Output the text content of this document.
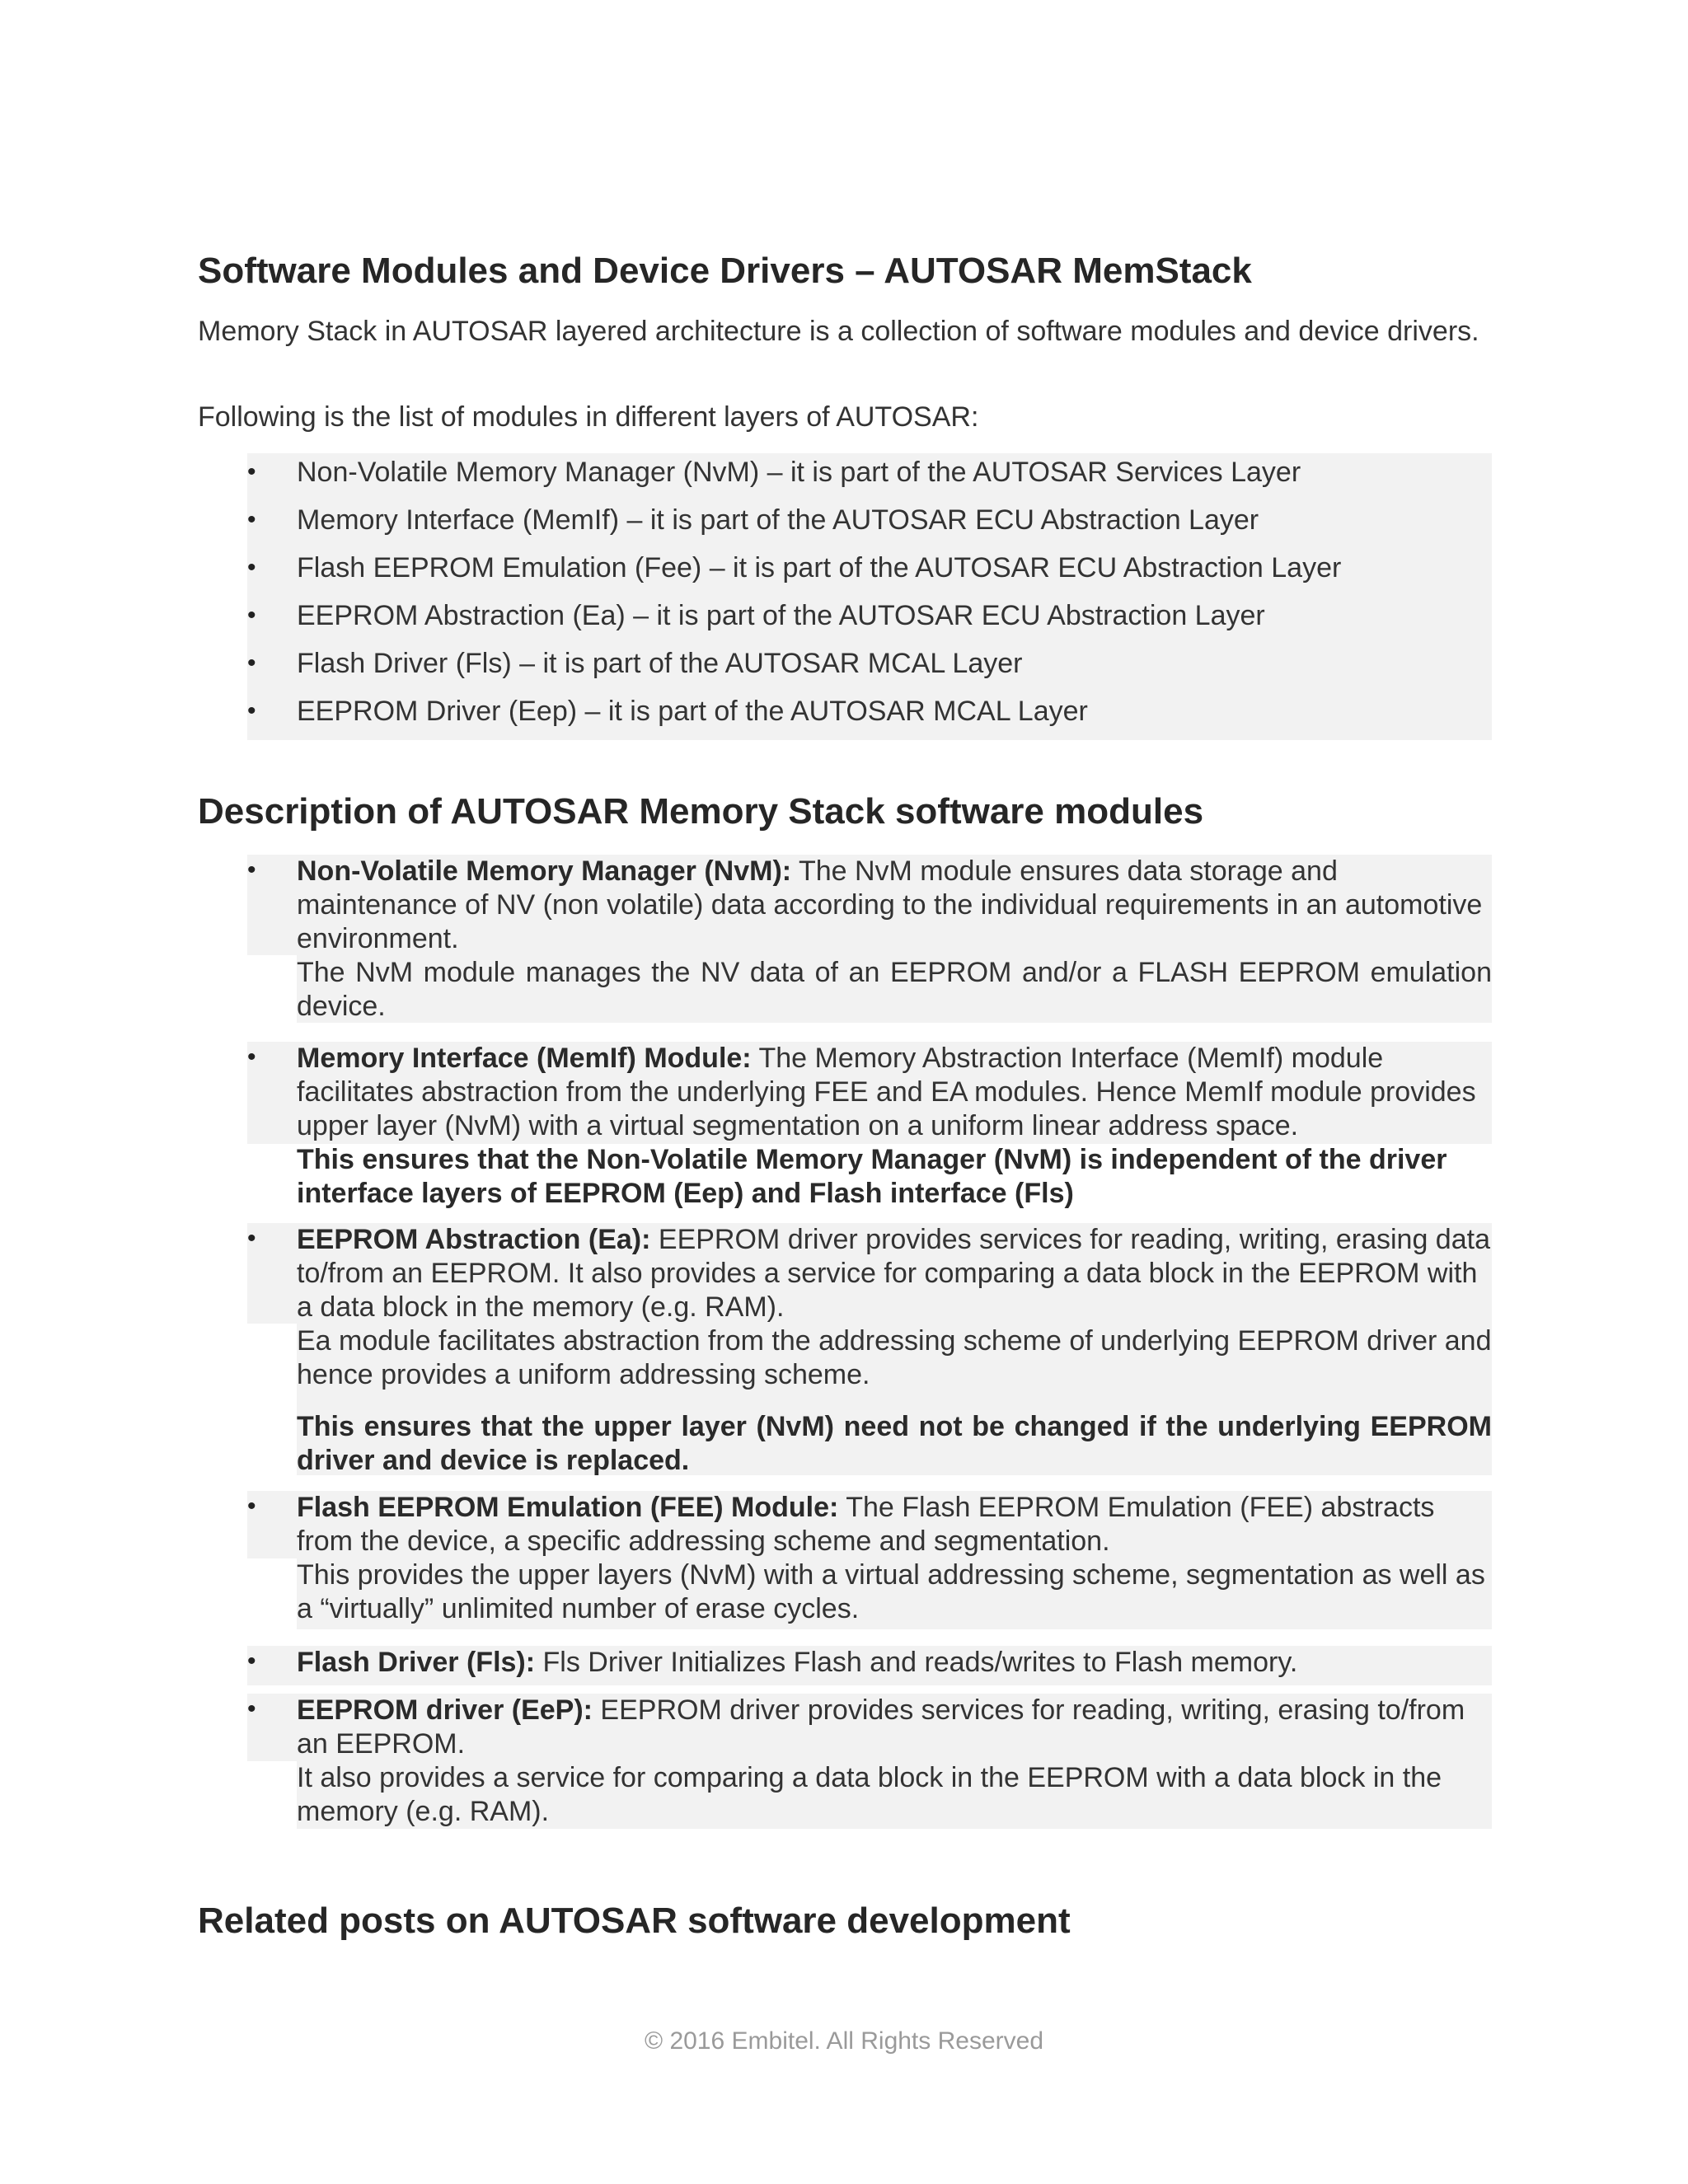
Software Modules and Device Drivers – AUTOSAR MemStack

Memory Stack in AUTOSAR layered architecture is a collection of software modules and device drivers.

Following is the list of modules in different layers of AUTOSAR:

• Non-Volatile Memory Manager (NvM) – it is part of the AUTOSAR Services Layer
• Memory Interface (MemIf) – it is part of the AUTOSAR ECU Abstraction Layer
• Flash EEPROM Emulation (Fee) – it is part of the AUTOSAR ECU Abstraction Layer
• EEPROM Abstraction (Ea) – it is part of the AUTOSAR ECU Abstraction Layer
• Flash Driver (Fls) – it is part of the AUTOSAR MCAL Layer
• EEPROM Driver (Eep) – it is part of the AUTOSAR MCAL Layer
Description of AUTOSAR Memory Stack software modules
• Non-Volatile Memory Manager (NvM): The NvM module ensures data storage and maintenance of NV (non volatile) data according to the individual requirements in an automotive environment.

The NvM module manages the NV data of an EEPROM and/or a FLASH EEPROM emulation device.

• Memory Interface (MemIf) Module: The Memory Abstraction Interface (MemIf) module facilitates abstraction from the underlying FEE and EA modules. Hence MemIf module provides upper layer (NvM) with a virtual segmentation on a uniform linear address space.

This ensures that the Non-Volatile Memory Manager (NvM) is independent of the driver interface layers of EEPROM (Eep) and Flash interface (Fls)

• EEPROM Abstraction (Ea): EEPROM driver provides services for reading, writing, erasing data to/from an EEPROM. It also provides a service for comparing a data block in the EEPROM with a data block in the memory (e.g. RAM).

Ea module facilitates abstraction from the addressing scheme of underlying EEPROM driver and hence provides a uniform addressing scheme.

This ensures that the upper layer (NvM) need not be changed if the underlying EEPROM driver and device is replaced.

• Flash EEPROM Emulation (FEE) Module: The Flash EEPROM Emulation (FEE) abstracts from the device, a specific addressing scheme and segmentation.

This provides the upper layers (NvM) with a virtual addressing scheme, segmentation as well as a “virtually” unlimited number of erase cycles.

• Flash Driver (Fls): Fls Driver Initializes Flash and reads/writes to Flash memory.

• EEPROM driver (EeP): EEPROM driver provides services for reading, writing, erasing to/from an EEPROM.

It also provides a service for comparing a data block in the EEPROM with a data block in the memory (e.g. RAM).

Related posts on AUTOSAR software development
© 2016 Embitel. All Rights Reserved
